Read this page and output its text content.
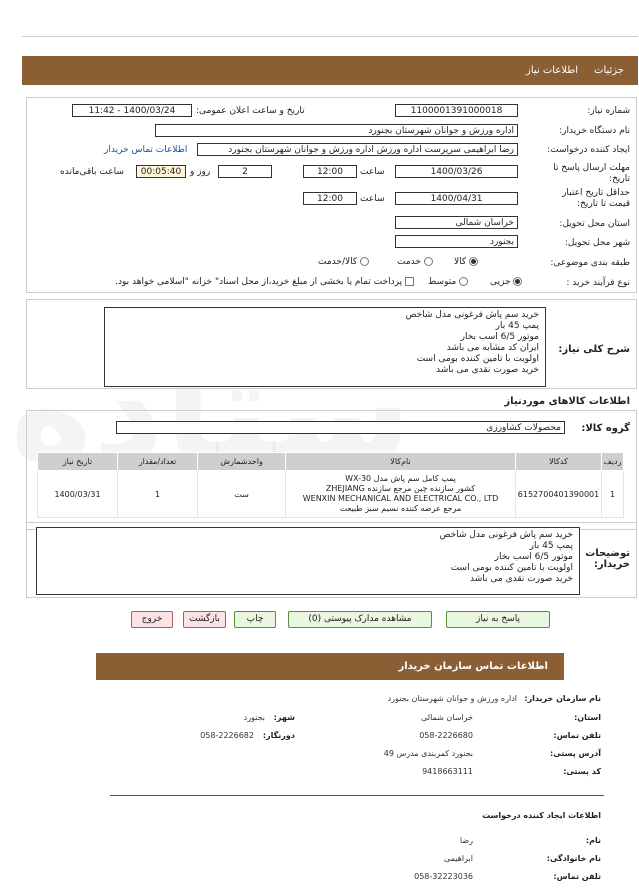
جزئیات
اطلاعات نیاز
شماره نیاز:
1100001391000018
تاریخ و ساعت اعلان عمومی:
1400/03/24 - 11:42
نام دستگاه خریدار:
اداره ورزش و جوانان شهرستان بجنورد
ایجاد کننده درخواست:
رضا ابراهیمی سرپرست اداره ورزش اداره ورزش و جوانان شهرستان بجنورد
اطلاعات تماس خریدار
مهلت ارسال پاسخ تا تاریخ:
1400/03/26
ساعت
12:00
2
روز و
00:05:40
ساعت باقی‌مانده
حداقل تاریخ اعتبار قیمت تا تاریخ:
1400/04/31
ساعت
12:00
استان محل تحویل:
خراسان شمالی
شهر محل تحویل:
بجنورد
طبقه بندی موضوعی:
کالا
خدمت
کالا/خدمت
نوع فرآیند خرید :
جزیی
متوسط
پرداخت تمام یا بخشی از مبلغ خرید،از محل اسناد" خزانه "اسلامی خواهد بود.
شرح کلی نیاز:
خرید سم پاش فرغونی مدل شاخص
پمپ 45 بار
موتور 6/5 اسب بخار
ایران کد مشابه می باشد
اولویت با تامین کننده بومی است
خرید صورت نقدی می باشد
اطلاعات کالاهای موردنیاز
گروه کالا:
محصولات کشاورزی
ردیف	کدکالا	نام‌کالا	واحدشمارش	تعداد/مقدار	تاریخ نیاز
1	6152700401390001	پمپ کامل سم پاش مدل WX-30
کشور سازنده چین مرجع سازنده ZHEJIANG
WENXIN MECHANICAL AND ELECTRICAL CO., LTD
مرجع عرضه کننده نسیم سبز طبیعت	ست	1	1400/03/31
توضیحات خریدار:
خرید سم پاش فرغونی مدل شاخص
پمپ 45 بار
موتور 6/5 اسب بخار
اولویت با تامین کننده بومی است
خرید صورت نقدی می باشد
پاسخ به نیاز
مشاهده مدارک پیوستی (0)
چاپ
بازگشت
خروج
اطلاعات تماس سازمان خریدار
نام سازمان خریدار:
اداره ورزش و جوانان شهرستان بجنورد
استان:
خراسان شمالی
شهر:
بجنورد
تلفن تماس:
058-2226680
دورنگار:
058-2226682
آدرس پستی:
بجنورد کمربندی مدرس 49
کد پستی:
9418663111
اطلاعات ایجاد کننده درخواست
نام:
رضا
نام خانوادگی:
ابراهیمی
تلفن تماس:
058-32223036
